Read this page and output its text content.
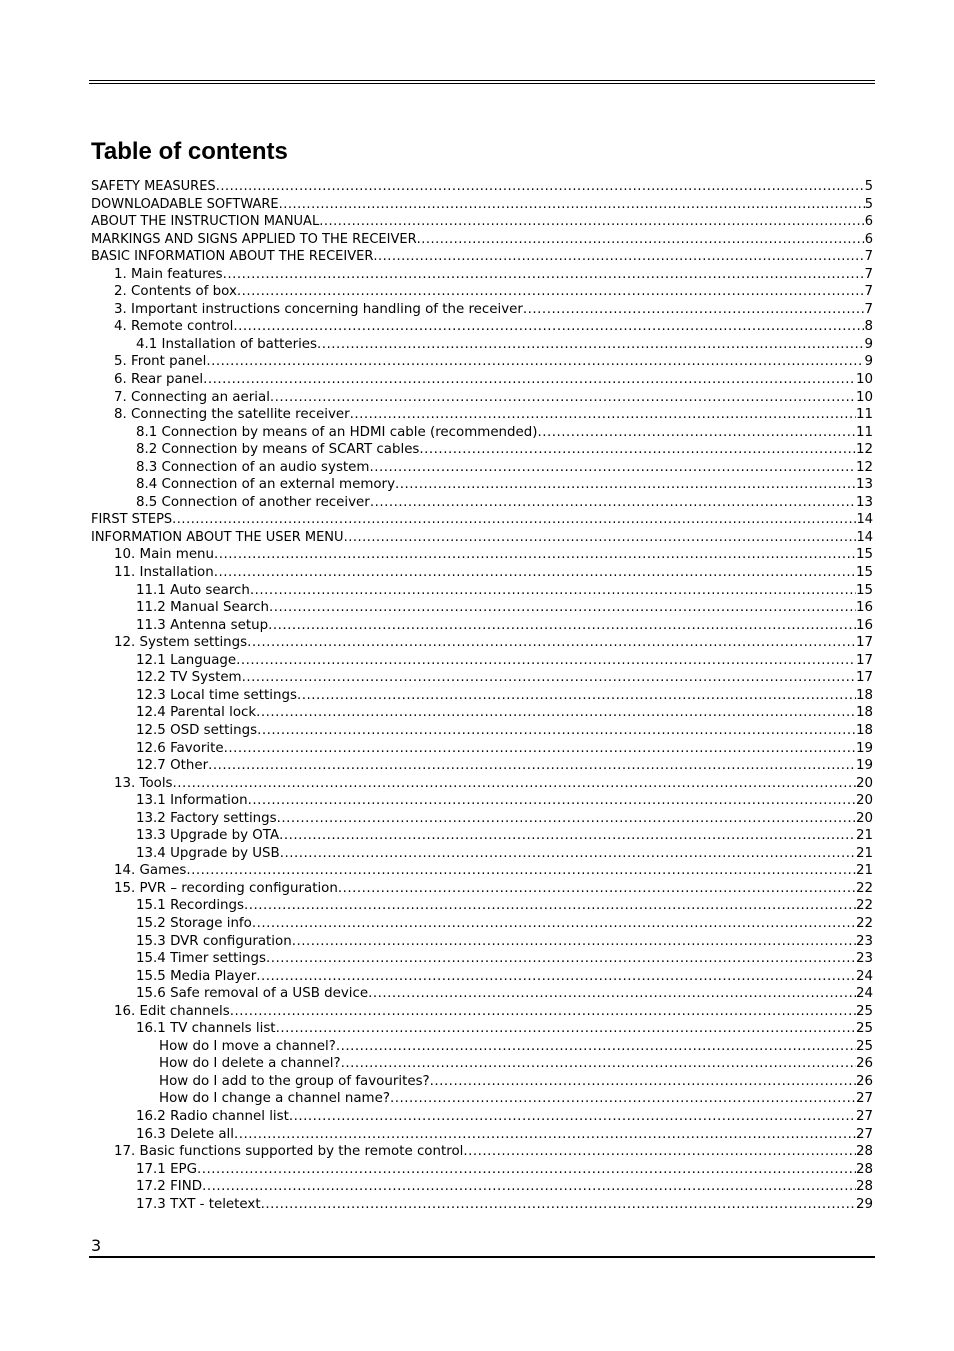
Table of contents
SAFETY MEASURES .....	5
DOWNLOADABLE SOFTWARE .....	5
ABOUT THE INSTRUCTION MANUAL .....	6
MARKINGS AND SIGNS APPLIED TO THE RECEIVER .....	6
BASIC INFORMATION ABOUT THE RECEIVER .....	7
1. Main features .....	7
2. Contents of box .....	7
3. Important instructions concerning handling of the receiver .....	7
4. Remote control .....	8
4.1 Installation of batteries .....	9
5. Front panel .....	9
6. Rear panel .....	10
7. Connecting an aerial .....	10
8. Connecting the satellite receiver .....	11
8.1 Connection by means of an HDMI cable (recommended) .....	11
8.2 Connection by means of SCART cables .....	12
8.3 Connection of an audio system .....	12
8.4 Connection of an external memory .....	13
8.5 Connection of another receiver .....	13
FIRST STEPS .....	14
INFORMATION ABOUT THE USER MENU .....	14
10. Main menu .....	15
11. Installation .....	15
11.1 Auto search .....	15
11.2 Manual Search .....	16
11.3 Antenna setup .....	16
12. System settings .....	17
12.1 Language .....	17
12.2 TV System .....	17
12.3 Local time settings .....	18
12.4 Parental lock .....	18
12.5 OSD settings .....	18
12.6 Favorite .....	19
12.7 Other .....	19
13. Tools .....	20
13.1 Information .....	20
13.2 Factory settings .....	20
13.3 Upgrade by OTA .....	21
13.4 Upgrade by USB .....	21
14. Games .....	21
15. PVR – recording configuration .....	22
15.1 Recordings .....	22
15.2 Storage info .....	22
15.3 DVR configuration .....	23
15.4 Timer settings .....	23
15.5 Media Player .....	24
15.6 Safe removal of a USB device .....	24
16. Edit channels .....	25
16.1 TV channels list .....	25
How do I move a channel? .....	25
How do I delete a channel? .....	26
How do I add to the group of favourites? .....	26
How do I change a channel name? .....	27
16.2 Radio channel list .....	27
16.3 Delete all .....	27
17. Basic functions supported by the remote control .....	28
17.1 EPG .....	28
17.2 FIND .....	28
17.3 TXT - teletext .....	29
3
